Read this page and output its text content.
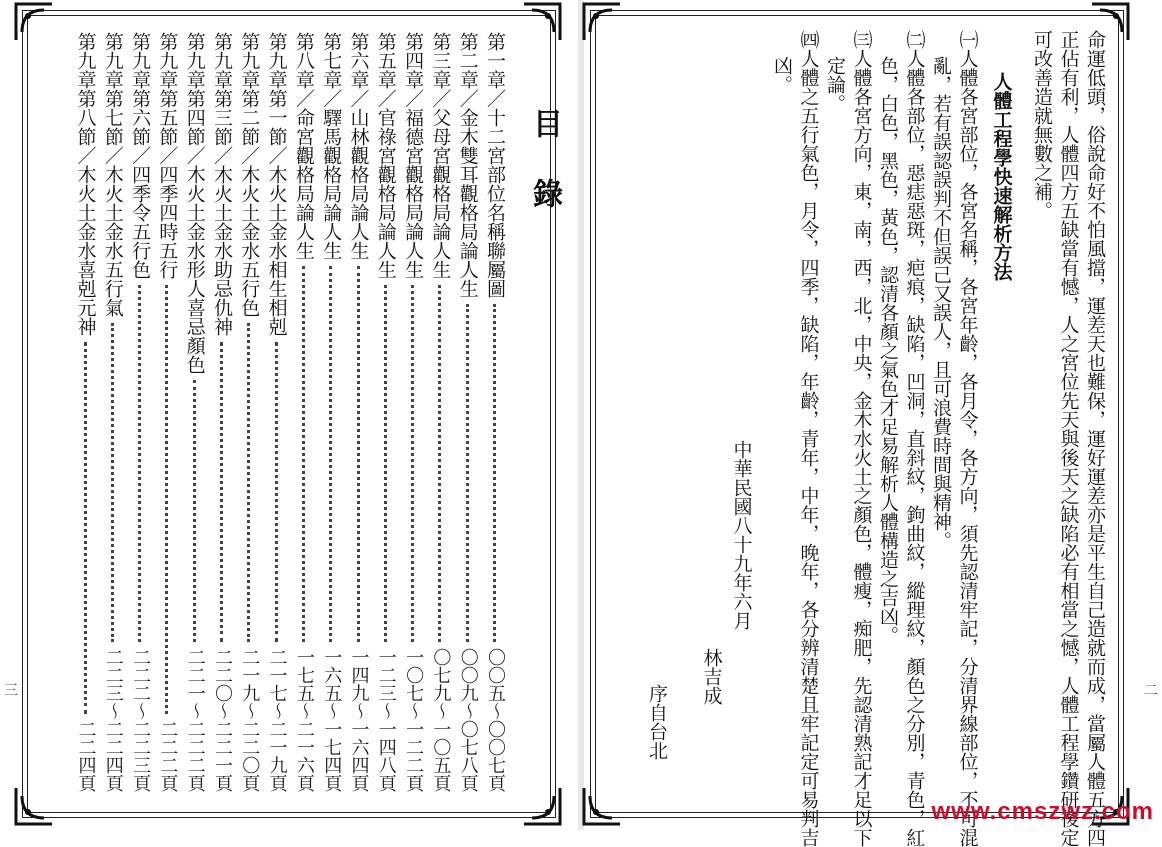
目錄
第一章／十二宮部位名稱聯屬圖
〇〇五～〇〇七頁
第二章／金木雙耳觀格局論人生
〇〇九～〇七八頁
第三章／父母宮觀格局論人生
〇七九～一〇五頁
第四章／福德宮觀格局論人生
一〇七～一二二頁
第五章／官祿宮觀格局論人生
一二三～一四八頁
第六章／山林觀格局論人生
一四九～一六四頁
第七章／驛馬觀格局論人生
一六五～一七四頁
第八章／命宮觀格局論人生
一七五～二一六頁
第九章第一節／木火土金水相生相剋
二一七～二一九頁
第九章第二節／木火土金水五行色
二一九～二二〇頁
第九章第三節／木火土金水助忌仇神
二二〇～二二一頁
第九章第四節／木火土金水形人喜忌顏色
二二一～二二二頁
第九章第五節／四季四時五行
二二二頁
第九章第六節／四季令五行色
二二二～二二三頁
第九章第七節／木火土金水五行氣
二二三～二二四頁
第九章第八節／木火土金水喜剋元神
二二四頁
三	命運低頭，俗說命好不怕風擋，運差天也難保，運好運差亦是平生自己造就而成，當屬人體五方四
正佔有利，人體四方五缺當有憾，人之宮位先天與後天之缺陷必有相當之憾，人體工程學鑽研後定
可改善造就無數之補。
人體工程學快速解析方法
㈠人體各宮部位，各宮名稱，各宮年齡，各月令，各方向，須先認清牢記，分清界線部位，不可混
亂，若有誤認誤判不但誤己又誤人，且可浪費時間與精神。
㈡人體各部位，惡痣惡斑，疤痕，缺陷，凹洞，直斜紋，鉤曲紋，縱理紋，顏色之分別，青色，紅
色，白色，黑色，黃色，認清各顏之氣色才足易解析人體構造之吉凶。
㈢人體各宮方向，東，南，西，北，中央，金木水火土之顏色，體瘦，痴肥，先認清熟記才足以下
定論。
㈣人體之五行氣色，月令，四季，缺陷，年齡，青年，中年，晚年，各分辨清楚且牢記定可易判吉
凶。
中華民國八十九年六月
林吉成
序自台北	二
www.cmszwz.com
